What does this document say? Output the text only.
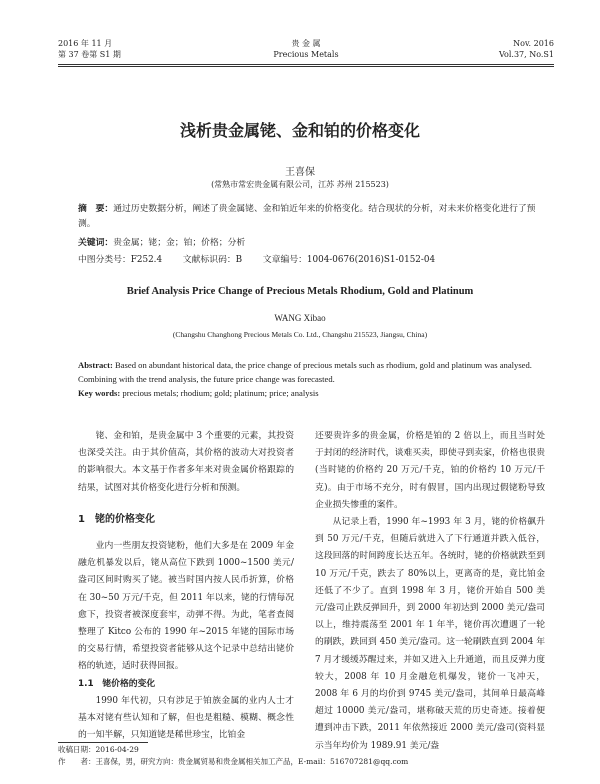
2016 年 11 月
第 37 卷第 S1 期
贵 金 属
Precious Metals
Nov. 2016
Vol.37, No.S1
浅析贵金属铑、金和铂的价格变化
王喜保
(常熟市常宏贵金属有限公司，江苏 苏州 215523)
摘　要：通过历史数据分析，阐述了贵金属铑、金和铂近年来的价格变化。结合现状的分析，对未来价格变化进行了预测。
关键词：贵金属；铑；金；铂；价格；分析
中图分类号：F252.4 文献标识码：B 文章编号：1004-0676(2016)S1-0152-04
Brief Analysis Price Change of Precious Metals Rhodium, Gold and Platinum
WANG Xibao
(Changshu Changhong Precious Metals Co. Ltd., Changshu 215523, Jiangsu, China)
Abstract: Based on abundant historical data, the price change of precious metals such as rhodium, gold and platinum was analysed. Combining with the trend analysis, the future price change was forecasted.
Key words: precious metals; rhodium; gold; platinum; price; analysis

铑、金和铂，是贵金属中 3 个重要的元素，其投资也深受关注。由于其价值高，其价格的波动大对投资者的影响很大。本文基于作者多年来对贵金属价格跟踪的结果，试图对其价格变化进行分析和预测。

1　铑的价格变化

业内一些朋友投资铑粉，他们大多是在 2009 年金融危机暴发以后，铑从高位下跌到 1000~1500 美元/盎司区间时购买了铑。被当时国内按人民币折算，价格在 30~50 万元/千克，但 2011 年以来，铑的行情每况愈下，投资者被深度套牢，动弹不得。为此，笔者查阅整理了 Kitco 公布的 1990 年~2015 年铑的国际市场的交易行情，希望投资者能够从这个记录中总结出铑价格的轨迹，适时获得回报。

1.1　铑价格的变化

1990 年代初，只有涉足于铂族金属的业内人士才基本对铑有些认知和了解，但也是粗糙、模糊、概念性的一知半解，只知道铑是稀世珍宝，比铂金

还要贵许多的贵金属，价格是铂的 2 倍以上，而且当时处于封闭的经济时代，谈难买卖，即使寻到卖家，价格也很贵(当时铑的价格约 20 万元/千克，铂的价格约 10 万元/千克)。由于市场不充分，时有假冒，国内出现过假铑粉导致企业损失惨重的案件。

从记录上看，1990 年~1993 年 3 月，铑的价格飙升到 50 万元/千克，但随后就进入了下行通道并跌入低谷，这段回落的时间跨度长达五年。各统时，铑的价格就跌至到 10 万元/千克，跌去了 80%以上，更离奇的是，竟比铂金还低了不少了。直到 1998 年 3 月，铑价开始自 500 美元/盎司止跌反弹回升，到 2000 年初达到 2000 美元/盎司以上，维持震荡至 2001 年 1 年半，铑价再次遭遇了一轮的刷跌，跌回到 450 美元/盎司。这一轮刷跌直到 2004 年 7 月才缓缓苏醒过来，并如又进入上升通道，而且反弹力度较大，2008 年 10 月金融危机爆发，铑价一飞冲天，2008 年 6 月的均价到 9745 美元/盎司，其间单日最高峰超过 10000 美元/盎司，堪称破天荒的历史奇迹。接着便遭到冲击下跌，2011 年依然接近 2000 美元/盎司(资料显示当年均价为 1989.91 美元/盎

收稿日期：2016-04-29
作　　者：王喜保，男，研究方向：贵金属贸易和贵金属相关加工产品，E-mail：516707281@qq.com
